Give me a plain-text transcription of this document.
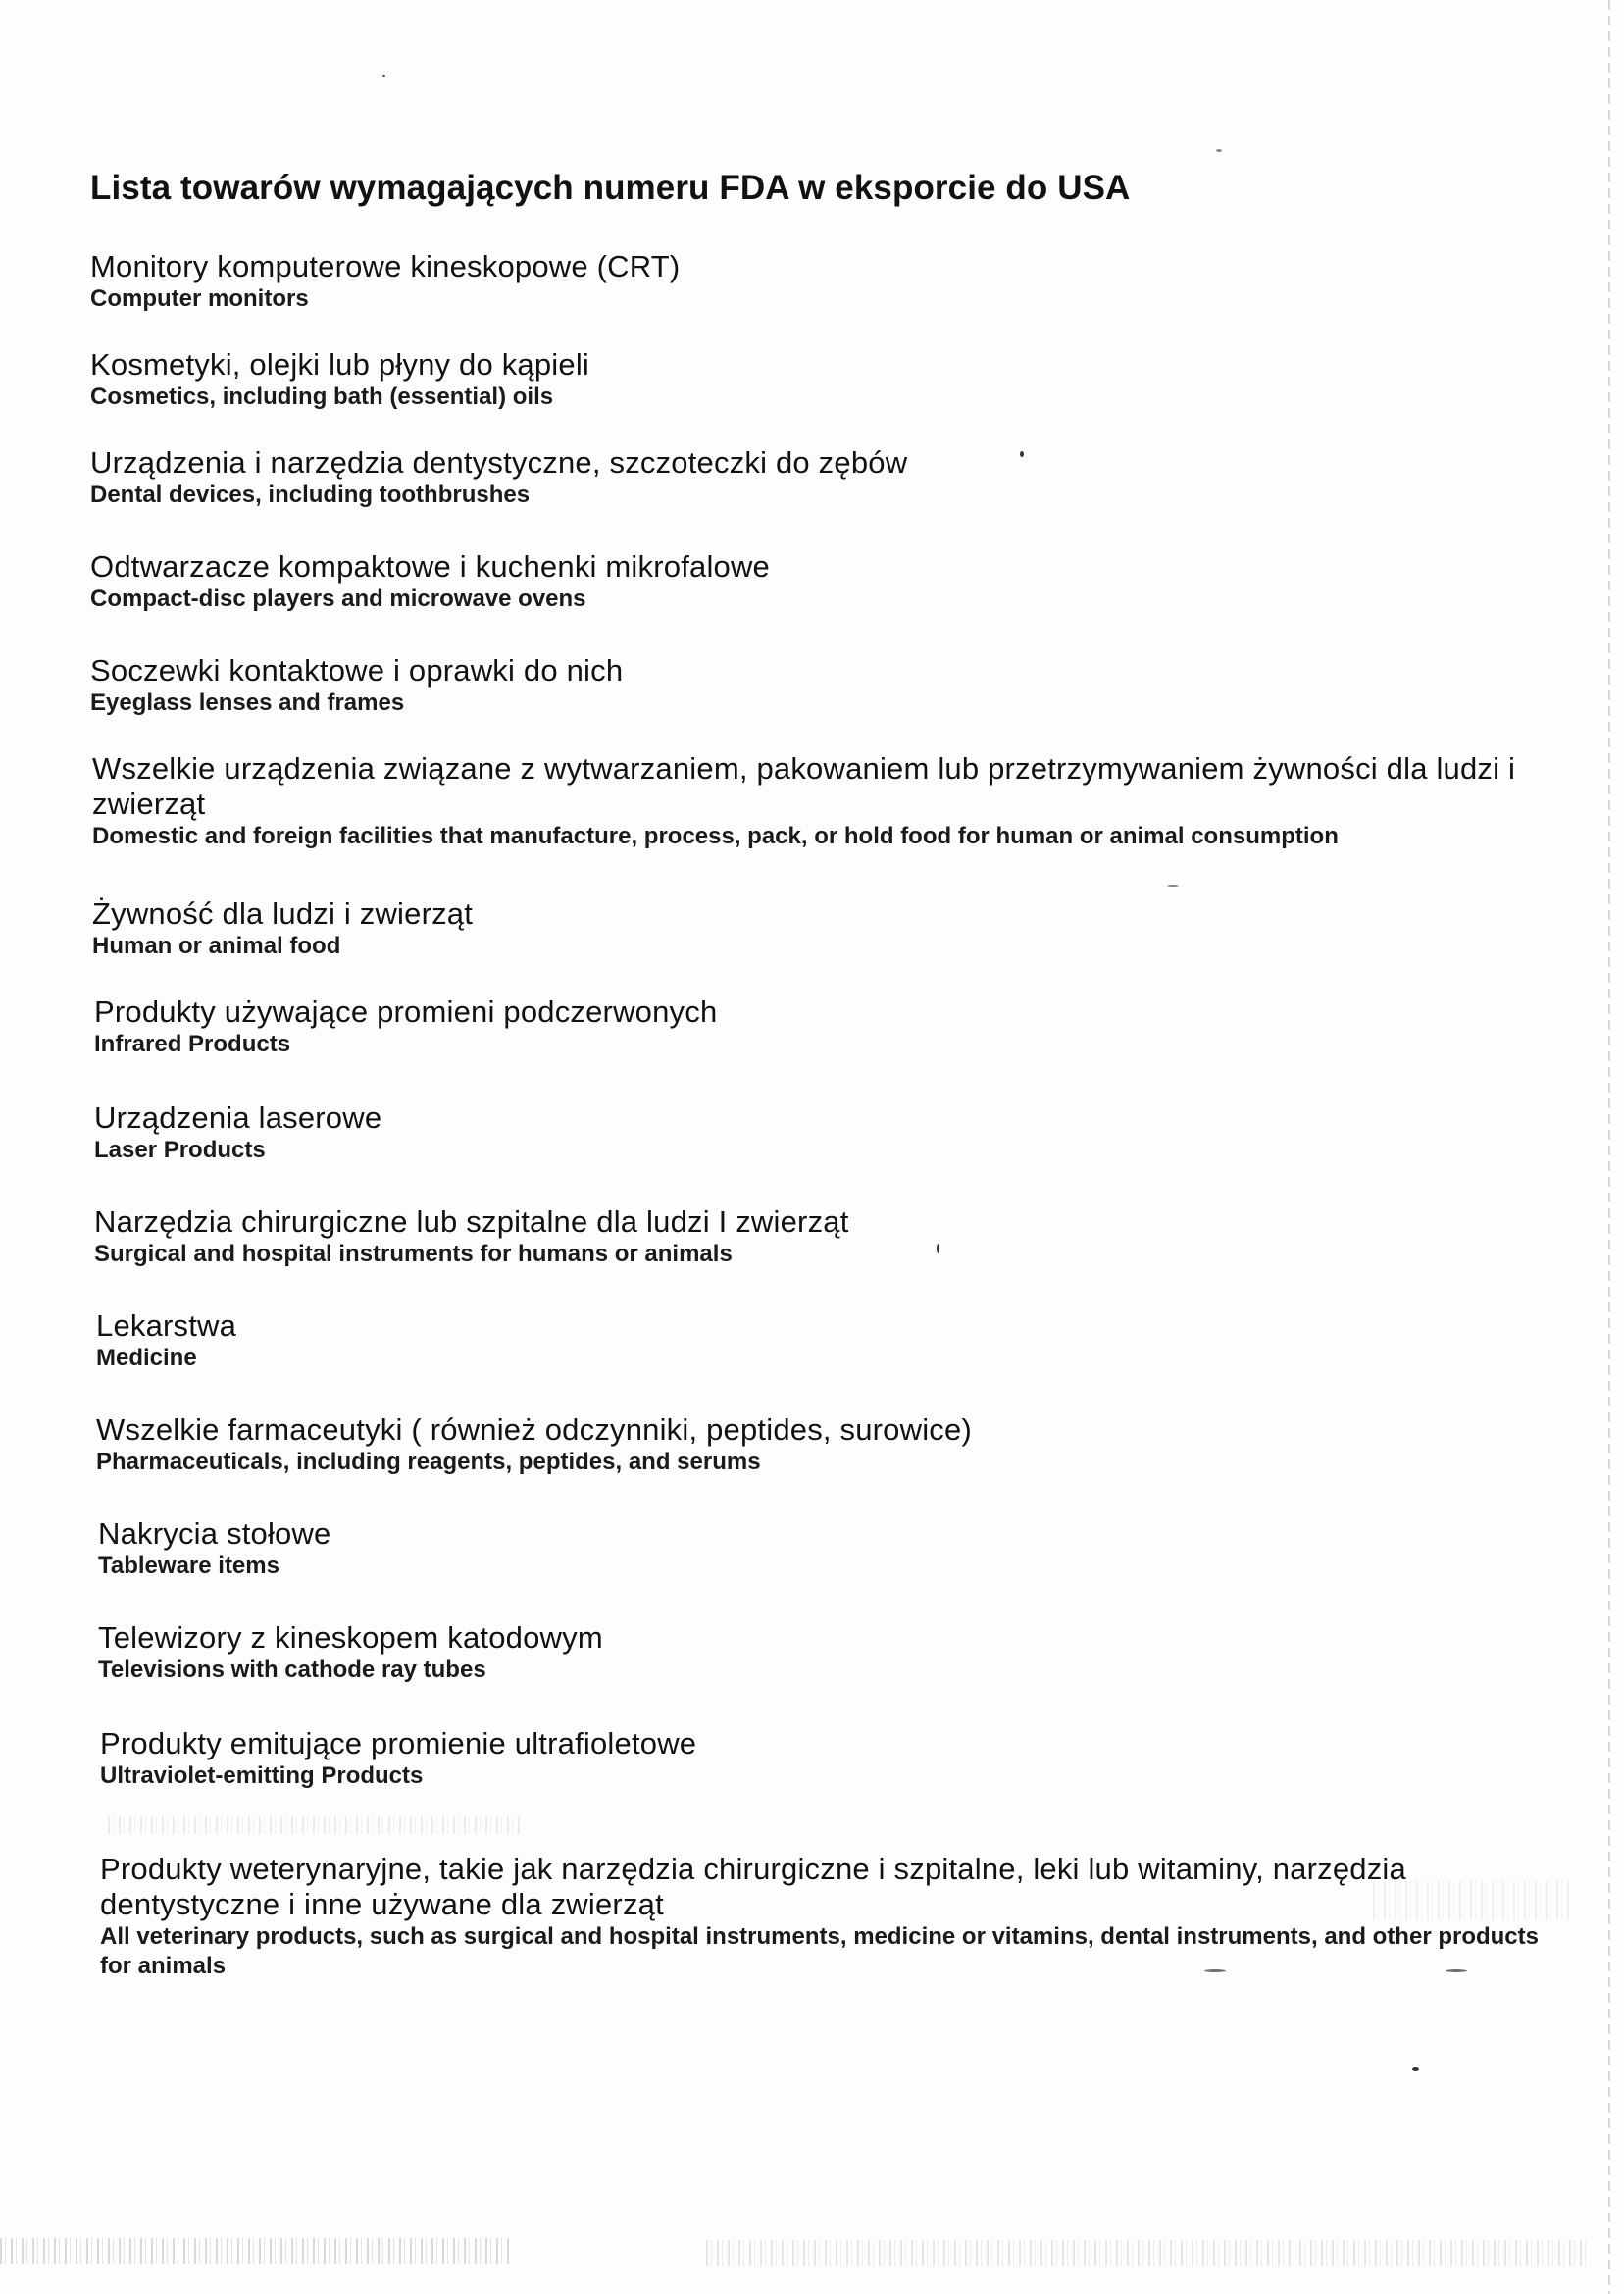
Lista towarów wymagających numeru FDA w eksporcie do USA

Monitory komputerowe kineskopowe (CRT)

Computer monitors

Kosmetyki, olejki lub płyny do kąpieli

Cosmetics, including bath (essential) oils

Urządzenia i narzędzia dentystyczne, szczoteczki do zębów

Dental devices, including toothbrushes

Odtwarzacze kompaktowe i kuchenki mikrofalowe

Compact-disc players and microwave ovens

Soczewki kontaktowe i oprawki do nich

Eyeglass lenses and frames

Wszelkie urządzenia związane z wytwarzaniem, pakowaniem lub przetrzymywaniem żywności dla ludzi i zwierząt

Domestic and foreign facilities that manufacture, process, pack, or hold food for human or animal consumption

Żywność dla ludzi i zwierząt

Human or animal food

Produkty używające promieni podczerwonych

Infrared Products

Urządzenia laserowe

Laser Products

Narzędzia chirurgiczne lub szpitalne dla ludzi I zwierząt

Surgical and hospital instruments for humans or animals

Lekarstwa

Medicine

Wszelkie farmaceutyki ( również odczynniki, peptides, surowice)

Pharmaceuticals, including reagents, peptides, and serums

Nakrycia stołowe

Tableware items

Telewizory z kineskopem katodowym

Televisions with cathode ray tubes

Produkty emitujące promienie ultrafioletowe

Ultraviolet-emitting Products

Produkty weterynaryjne, takie jak narzędzia chirurgiczne i szpitalne, leki lub witaminy, narzędzia dentystyczne i inne używane dla zwierząt

All veterinary products, such as surgical and hospital instruments, medicine or vitamins, dental instruments, and other products for animals
